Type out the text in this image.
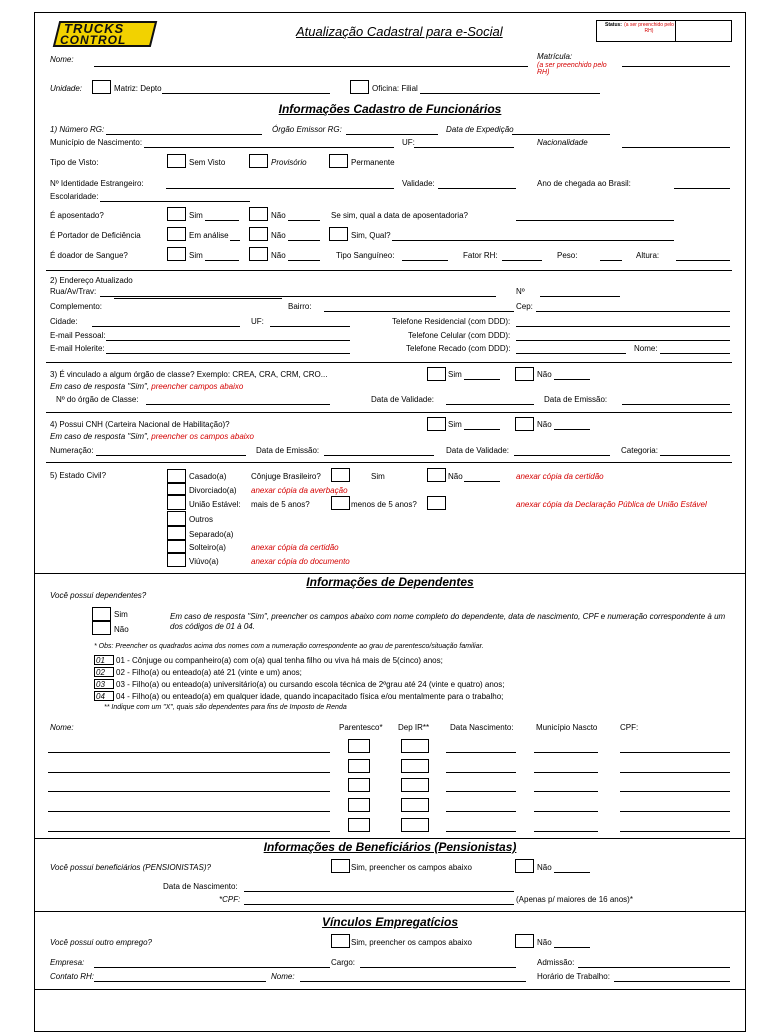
TRUCKS
CONTROL
Atualização Cadastral para e-Social	Status: (a ser preenchido pelo RH)
Nome:	Matrícula:
(a ser preenchido pelo RH)
Unidade:	Matriz: Depto	Oficina: Filial
Informações Cadastro de Funcionários
1) Número RG:	Órgão Emissor RG:	Data de Expedição
Município de Nascimento:	UF:	Nacionalidade
Tipo de Visto:	Sem Visto	Provisório	Permanente
Nº Identidade Estrangeiro:	Validade:	Ano de chegada ao Brasil:
Escolaridade:
É aposentado?	Sim	Não	Se sim, qual a data de aposentadoria?
É Portador de Deficiência	Em análise	Não	Sim, Qual?
É doador de Sangue?	Sim	Não	Tipo Sanguíneo:	Fator RH:	Peso:	Altura:
2) Endereço Atualizado
Rua/Av/Trav:	Nº
Complemento:	Bairro:	Cep:
Cidade:	UF:	Telefone Residencial (com DDD):
E-mail Pessoal:	Telefone Celular (com DDD):
E-mail Holerite:	Telefone Recado (com DDD):	Nome:
3) É vinculado a algum órgão de classe? Exemplo: CREA, CRA, CRM, CRO...	Sim	Não
Em caso de resposta "Sim", preencher campos abaixo
Nº do órgão de Classe:	Data de Validade:	Data de Emissão:
4) Possui CNH (Carteira Nacional de Habilitação)?	Sim	Não
Em caso de resposta "Sim", preencher os campos abaixo
Numeração:	Data de Emissão:	Data de Validade:	Categoria:
5) Estado Civil?	Casado(a)	Cônjuge Brasileiro?	Sim	Não	anexar cópia da certidão
Divorciado(a) anexar cópia da averbação
União Estável: mais de 5 anos?	menos de 5 anos?	anexar cópia da Declaração Pública de União Estável
Outros
Separado(a)
Solteiro(a)	anexar cópia da certidão
Viúvo(a)	anexar cópia do documento
Informações de Dependentes
Você possui dependentes?
Sim
Não
Em caso de resposta "Sim", preencher os campos abaixo com nome completo do dependente, data de nascimento, CPF e numeração correspondente à um dos códigos de 01 à 04.
* Obs: Preencher os quadrados acima dos nomes com a numeração correspondente ao grau de parentesco/situação familiar.
01	01 - Cônjuge ou companheiro(a) com o(a) qual tenha filho ou viva há mais de 5(cinco) anos;
02	02 - Filho(a) ou enteado(a) até 21 (vinte e um) anos;
03	03 - Filho(a) ou enteado(a) universitário(a) ou cursando escola técnica de 2ºgrau até 24 (vinte e quatro) anos;
04	04 - Filho(a) ou enteado(a) em qualquer idade, quando incapacitado física e/ou mentalmente para o trabalho;
** Indique com um "X", quais são dependentes para fins de Imposto de Renda
Nome:	Parentesco* Dep IR**	Data Nascimento:	Município Nascto	CPF:
Informações de Beneficiários (Pensionistas)
Você possui beneficiários (PENSIONISTAS)?	Sim, preencher os campos abaixo	Não
Data de Nascimento:
*CPF:	(Apenas p/ maiores de 16 anos)*
Vínculos Empregatícios
Você possui outro emprego?	Sim, preencher os campos abaixo	Não
Empresa:	Cargo:	Admissão:
Contato RH:	Nome:	Horário de Trabalho:
